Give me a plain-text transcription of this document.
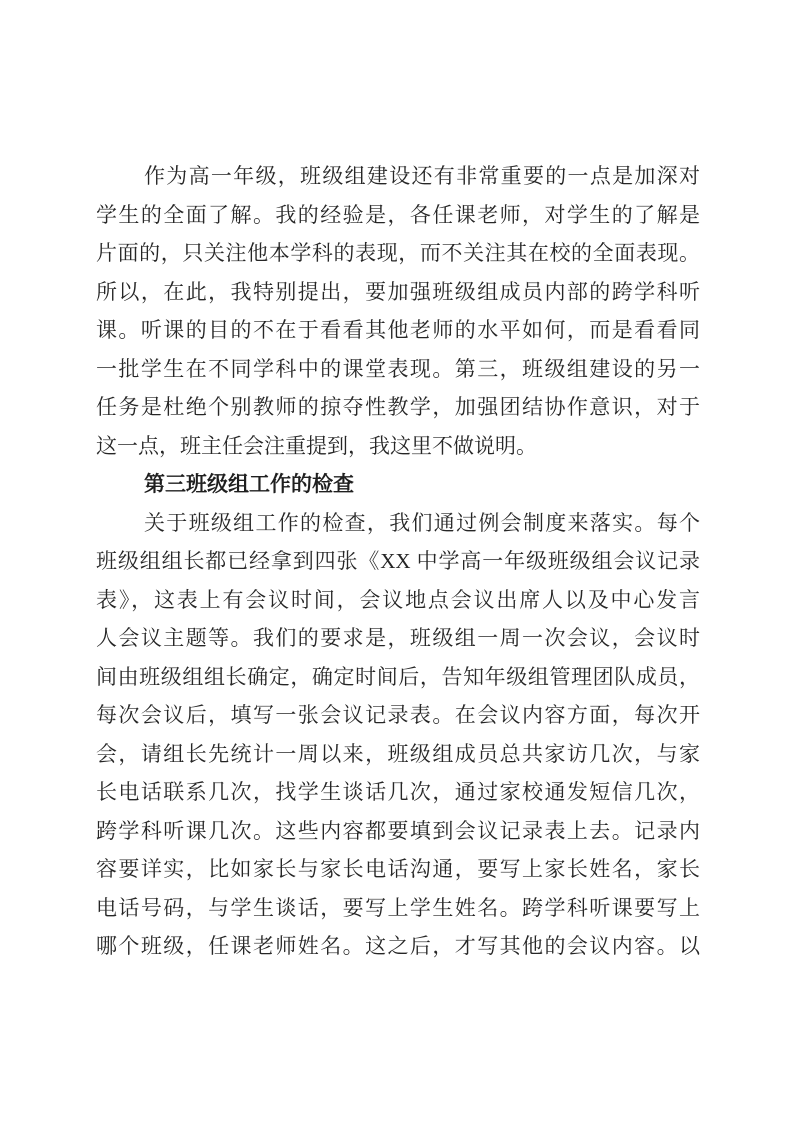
作为高一年级，班级组建设还有非常重要的一点是加深对
学生的全面了解。我的经验是，各任课老师，对学生的了解是
片面的，只关注他本学科的表现，而不关注其在校的全面表现。
所以，在此，我特别提出，要加强班级组成员内部的跨学科听
课。听课的目的不在于看看其他老师的水平如何，而是看看同
一批学生在不同学科中的课堂表现。第三，班级组建设的另一
任务是杜绝个别教师的掠夺性教学，加强团结协作意识，对于
这一点，班主任会注重提到，我这里不做说明。
第三班级组工作的检查
关于班级组工作的检查，我们通过例会制度来落实。每个
班级组组长都已经拿到四张《XX 中学高一年级班级组会议记录
表》，这表上有会议时间，会议地点会议出席人以及中心发言
人会议主题等。我们的要求是，班级组一周一次会议，会议时
间由班级组组长确定，确定时间后，告知年级组管理团队成员，
每次会议后，填写一张会议记录表。在会议内容方面，每次开
会，请组长先统计一周以来，班级组成员总共家访几次，与家
长电话联系几次，找学生谈话几次，通过家校通发短信几次，
跨学科听课几次。这些内容都要填到会议记录表上去。记录内
容要详实，比如家长与家长电话沟通，要写上家长姓名，家长
电话号码，与学生谈话，要写上学生姓名。跨学科听课要写上
哪个班级，任课老师姓名。这之后，才写其他的会议内容。以
